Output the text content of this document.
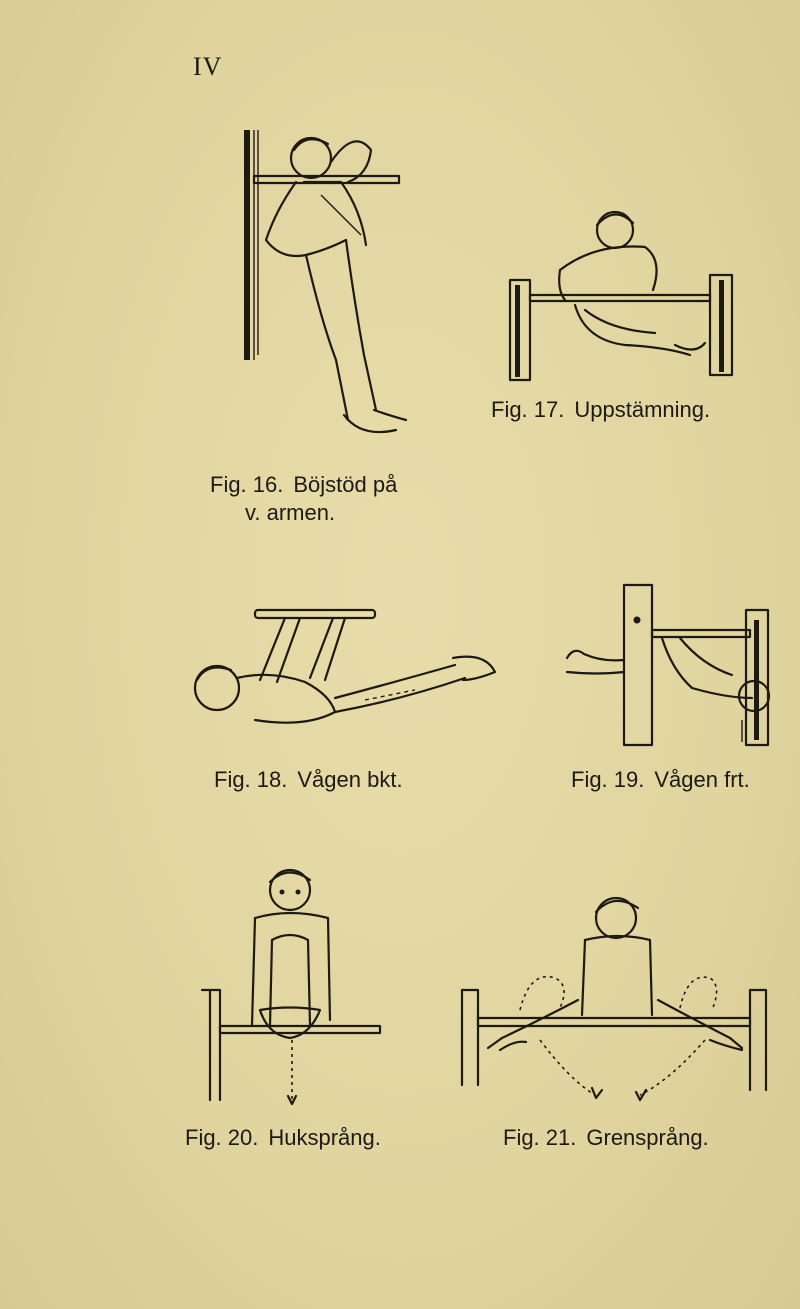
IV
Fig. 16. Böjstöd på
v. armen.
Fig. 17. Uppstämning.
Fig. 18. Vågen bkt.	Fig. 19. Vågen frt.
Fig. 20. Huksprång.	Fig. 21. Grensprång.
